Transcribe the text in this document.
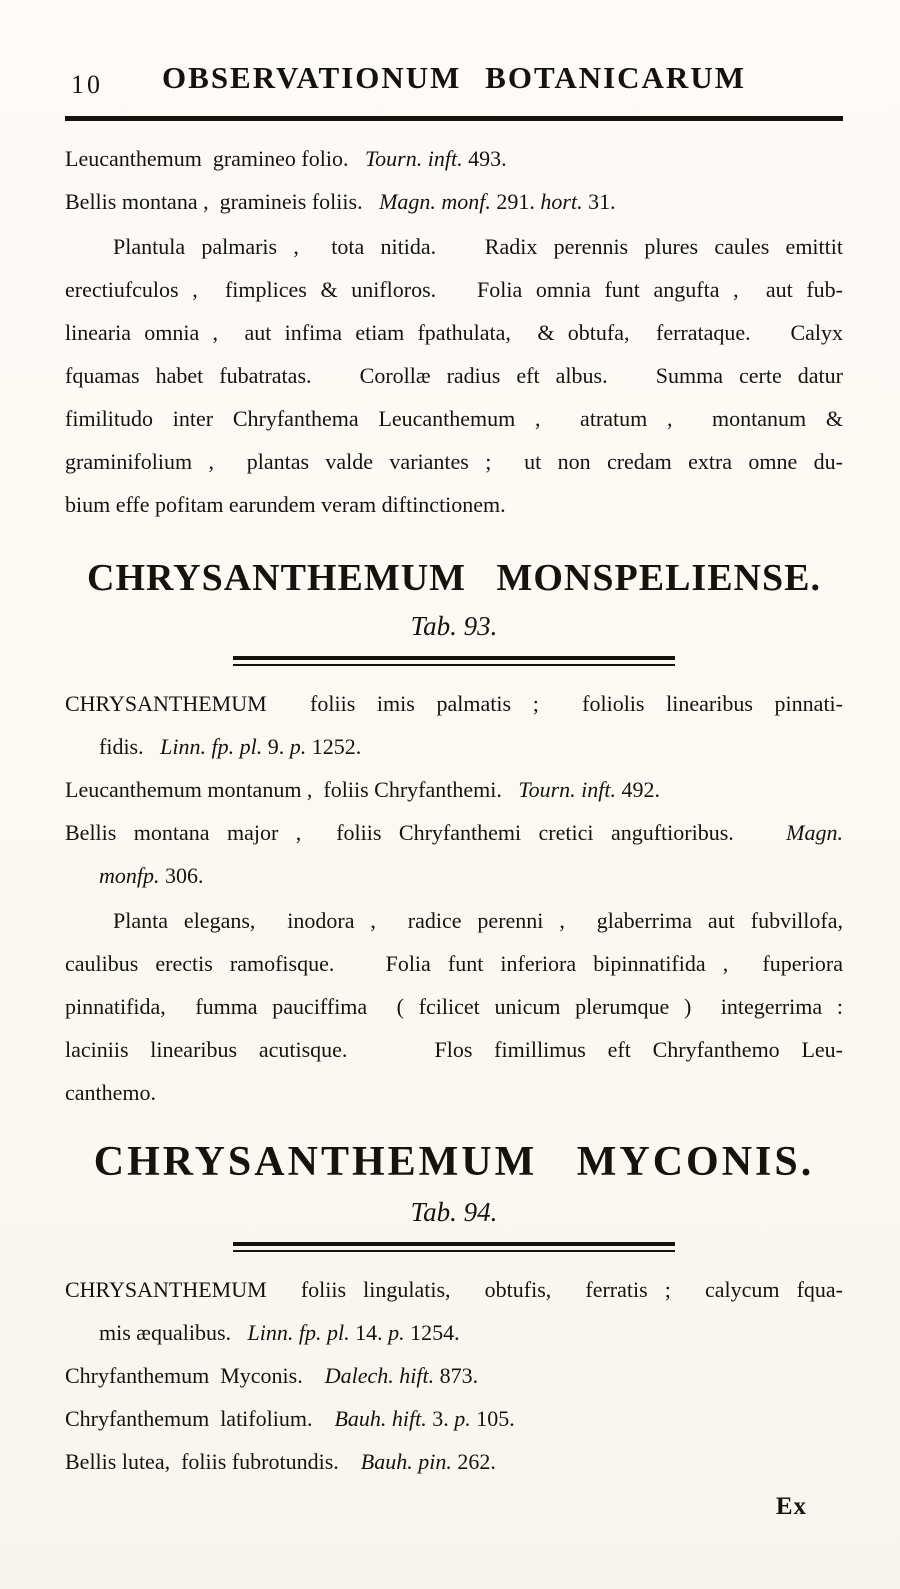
10	OBSERVATIONUM BOTANICARUM
Leucanthemum  gramineo folio.   Tourn. inft. 493.
Bellis montana ,  gramineis foliis.   Magn. monf. 291. hort. 31.
Plantula palmaris ,  tota nitida.   Radix perennis plures caules emittit
erectiufculos ,  fimplices & unifloros.   Folia omnia funt angufta ,  aut fub-
linearia omnia ,  aut infima etiam fpathulata,  & obtufa,  ferrataque.   Calyx
fquamas habet fubatratas.   Corollæ radius eft albus.   Summa certe datur
fimilitudo inter Chryfanthema Leucanthemum ,  atratum ,  montanum &
graminifolium ,  plantas valde variantes ;  ut non credam extra omne du-
bium effe pofitam earundem veram diftinctionem.
CHRYSANTHEMUM MONSPELIENSE.
Tab. 93.
CHRYSANTHEMUM  foliis imis palmatis ;  foliolis linearibus pinnati-
fidis.   Linn. fp. pl. 9. p. 1252.
Leucanthemum montanum ,  foliis Chryfanthemi.   Tourn. inft. 492.
Bellis montana major ,  foliis Chryfanthemi cretici anguftioribus.   Magn.
monfp. 306.
Planta elegans,  inodora ,  radice perenni ,  glaberrima aut fubvillofa,
caulibus erectis ramofisque.   Folia funt inferiora bipinnatifida ,  fuperiora
pinnatifida,  fumma pauciffima  ( fcilicet unicum plerumque )  integerrima :
laciniis linearibus acutisque.    Flos fimillimus eft Chryfanthemo Leu-
canthemo.
CHRYSANTHEMUM MYCONIS.
Tab. 94.
CHRYSANTHEMUM  foliis lingulatis,  obtufis,  ferratis ;  calycum fqua-
mis æqualibus.   Linn. fp. pl. 14. p. 1254.
Chryfanthemum  Myconis.    Dalech. hift. 873.
Chryfanthemum  latifolium.    Bauh. hift. 3. p. 105.
Bellis lutea,  foliis fubrotundis.    Bauh. pin. 262.
Ex
